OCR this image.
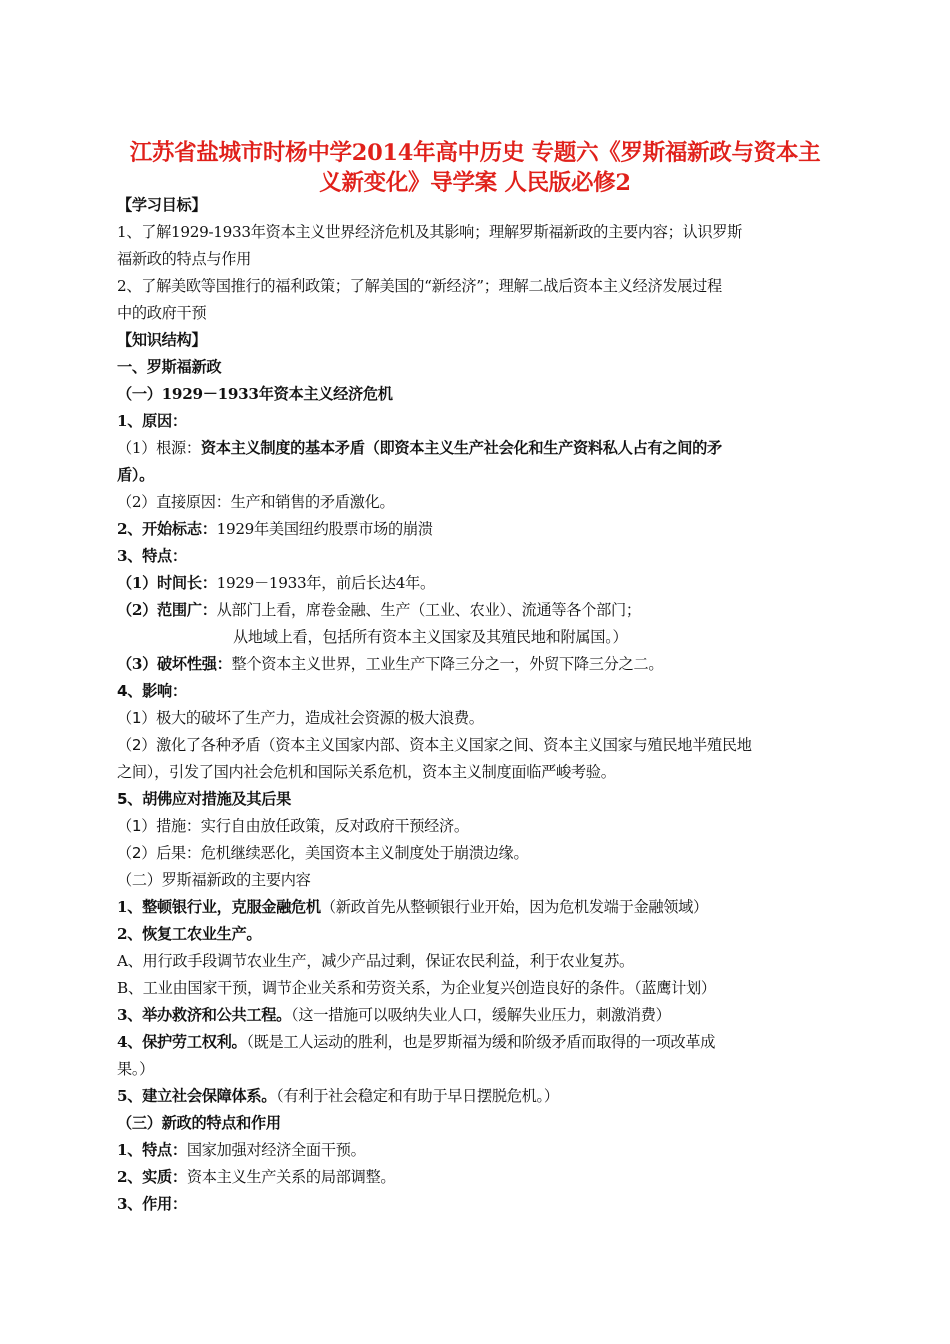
江苏省盐城市时杨中学2014年高中历史 专题六《罗斯福新政与资本主
义新变化》导学案 人民版必修2
【学习目标】
1、了解1929-1933年资本主义世界经济危机及其影响；理解罗斯福新政的主要内容；认识罗斯
福新政的特点与作用
2、了解美欧等国推行的福利政策；了解美国的“新经济”；理解二战后资本主义经济发展过程
中的政府干预
【知识结构】
一、罗斯福新政
（一）1929－1933年资本主义经济危机
1、原因：
（1）根源：资本主义制度的基本矛盾（即资本主义生产社会化和生产资料私人占有之间的矛
盾）。
（2）直接原因：生产和销售的矛盾激化。
2、开始标志：1929年美国纽约股票市场的崩溃
3、特点：
（1）时间长：1929－1933年，前后长达4年。
（2）范围广：从部门上看，席卷金融、生产（工业、农业）、流通等各个部门；
从地域上看，包括所有资本主义国家及其殖民地和附属国。）
（3）破坏性强：整个资本主义世界，工业生产下降三分之一，外贸下降三分之二。
4、影响：
（1）极大的破坏了生产力，造成社会资源的极大浪费。
（2）激化了各种矛盾（资本主义国家内部、资本主义国家之间、资本主义国家与殖民地半殖民地
之间），引发了国内社会危机和国际关系危机，资本主义制度面临严峻考验。
5、胡佛应对措施及其后果
（1）措施：实行自由放任政策，反对政府干预经济。
（2）后果：危机继续恶化，美国资本主义制度处于崩溃边缘。
（二）罗斯福新政的主要内容
1、整顿银行业，克服金融危机（新政首先从整顿银行业开始，因为危机发端于金融领域）
2、恢复工农业生产。
A、用行政手段调节农业生产，减少产品过剩，保证农民利益，利于农业复苏。
B、工业由国家干预，调节企业关系和劳资关系，为企业复兴创造良好的条件。（蓝鹰计划）
3、举办救济和公共工程。（这一措施可以吸纳失业人口，缓解失业压力，刺激消费）
4、保护劳工权利。（既是工人运动的胜利，也是罗斯福为缓和阶级矛盾而取得的一项改革成
果。）
5、建立社会保障体系。（有利于社会稳定和有助于早日摆脱危机。）
（三）新政的特点和作用
1、特点：国家加强对经济全面干预。
2、实质：资本主义生产关系的局部调整。
3、作用：
